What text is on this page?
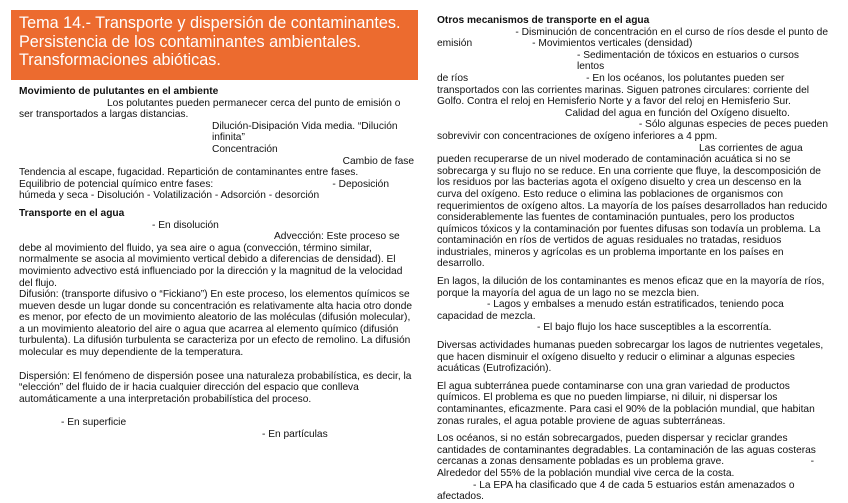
Tema 14.- Transporte y dispersión de contaminantes. Persistencia de los contaminantes ambientales. Transformaciones abióticas.

Movimiento de pulutantes en el ambiente

Los polutantes pueden permanecer cerca del punto de emisión o ser transportados a largas distancias.

Dilución-Disipación Vida media. “Dilución infinita”

Concentración

Cambio de fase

Tendencia al escape, fugacidad. Repartición de contaminantes entre fases.

Equilibrio de potencial químico entre fases:	- Deposición

húmeda y seca - Disolución - Volatilización - Adsorción - desorción

Transporte en el agua

- En disolución

Advección: Este proceso se debe al movimiento del fluido, ya sea aire o agua (convección, término similar, normalmente se asocia al movimiento vertical debido a diferencias de densidad). El movimiento advectivo está influenciado por la dirección y la magnitud de la velocidad del flujo.

Difusión: (transporte difusivo o “Fickiano”) En este proceso, los elementos químicos se mueven desde un lugar donde su concentración es relativamente alta hacia otro donde es menor, por efecto de un movimiento aleatorio de las moléculas (difusión molecular), a un movimiento aleatorio del aire o agua que acarrea al elemento químico (difusión turbulenta). La difusión turbulenta se caracteriza por un efecto de remolino. La difusión molecular es muy dependiente de la temperatura.

Dispersión: El fenómeno de dispersión posee una naturaleza probabilística, es decir, la “elección” del fluido de ir hacia cualquier dirección del espacio que conlleva automáticamente a una interpretación probabilística del proceso.

- En superficie

- En partículas

Otros mecanismos de transporte en el agua

- Disminución de concentración en el curso de ríos desde el punto de

emisión	- Movimientos verticales (densidad)

- Sedimentación de tóxicos en estuarios o cursos lentos

de ríos	- En los océanos, los polutantes pueden ser

transportados con las corrientes marinas. Siguen patrones circulares: corriente del Golfo. Contra el reloj en Hemisferio Norte y a favor del reloj en Hemisferio Sur.

Calidad del agua en función del Oxígeno disuelto.

- Sólo algunas especies de peces pueden

sobrevivir con concentraciones de oxígeno inferiores a 4 ppm.

Las corrientes de agua

pueden recuperarse de un nivel moderado de contaminación acuática si no se sobrecarga y su flujo no se reduce. En una corriente que fluye, la descomposición de los residuos por las bacterias agota el oxígeno disuelto y crea un descenso en la curva del oxígeno. Esto reduce o elimina las poblaciones de organismos con requerimientos de oxígeno altos. La mayoría de los países desarrollados han reducido considerablemente las fuentes de contaminación puntuales, pero los productos químicos tóxicos y la contaminación por fuentes difusas son todavía un problema. La contaminación en ríos de vertidos de aguas residuales no tratadas, residuos industriales, mineros y agrícolas es un problema importante en los países en desarrollo.

En lagos, la dilución de los contaminantes es menos eficaz que en la mayoría de ríos, porque la mayoría del agua de un lago no se mezcla bien.

- Lagos y embalses a menudo están estratificados, teniendo poca capacidad de mezcla.

- El bajo flujo los hace susceptibles a la escorrentía.

Diversas actividades humanas pueden sobrecargar los lagos de nutrientes vegetales, que hacen disminuir el oxígeno disuelto y reducir o eliminar a algunas especies acuáticas (Eutrofización).

El agua subterránea puede contaminarse con una gran variedad de productos químicos. El problema es que no pueden limpiarse, ni diluir, ni dispersar los contaminantes, eficazmente. Para casi el 90% de la población mundial, que habitan zonas rurales, el agua potable proviene de aguas subterráneas.

Los océanos, si no están sobrecargados, pueden dispersar y reciclar grandes cantidades de contaminantes degradables. La contaminación de las aguas costeras cercanas a zonas densamente pobladas es un problema grave.	-

Alrededor del 55% de la población mundial vive cerca de la costa.

- La EPA ha clasificado que 4 de cada 5 estuarios están amenazados o afectados.
